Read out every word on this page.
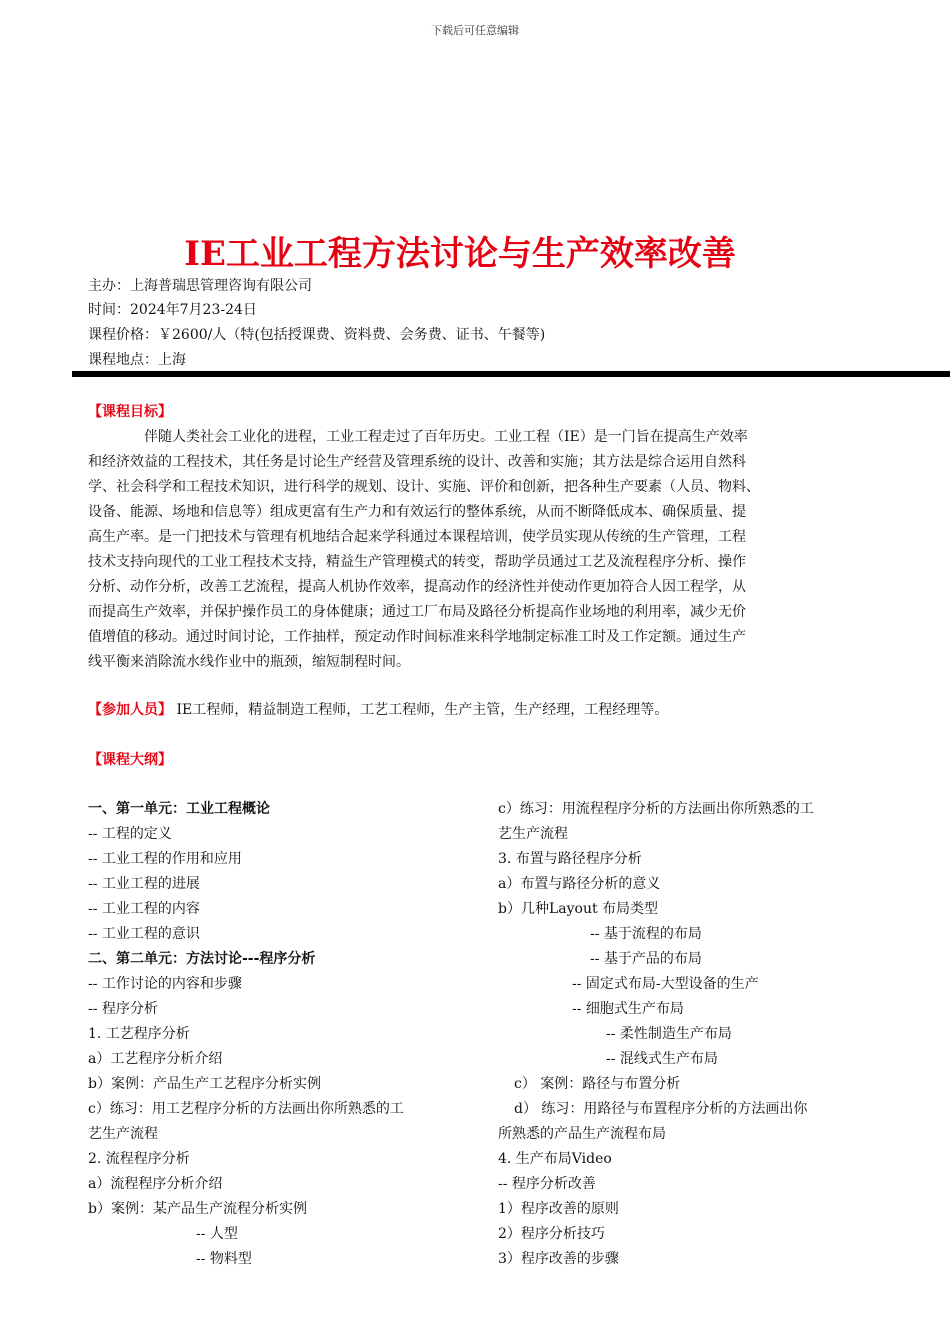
下载后可任意编辑
IE工业工程方法讨论与生产效率改善
主办：上海普瑞思管理咨询有限公司
时间：2024年7月23-24日
课程价格：￥2600/人（特(包括授课费、资料费、会务费、证书、午餐等)
课程地点：上海
【课程目标】
伴随人类社会工业化的进程，工业工程走过了百年历史。工业工程（IE）是一门旨在提高生产效率
和经济效益的工程技术，其任务是讨论生产经营及管理系统的设计、改善和实施；其方法是综合运用自然科
学、社会科学和工程技术知识，进行科学的规划、设计、实施、评价和创新，把各种生产要素（人员、物料、
设备、能源、场地和信息等）组成更富有生产力和有效运行的整体系统，从而不断降低成本、确保质量、提
高生产率。是一门把技术与管理有机地结合起来学科通过本课程培训，使学员实现从传统的生产管理，工程
技术支持向现代的工业工程技术支持，精益生产管理模式的转变，帮助学员通过工艺及流程程序分析、操作
分析、动作分析，改善工艺流程，提高人机协作效率，提高动作的经济性并使动作更加符合人因工程学，从
而提高生产效率，并保护操作员工的身体健康；通过工厂布局及路径分析提高作业场地的利用率，减少无价
值增值的移动。通过时间讨论，工作抽样，预定动作时间标准来科学地制定标准工时及工作定额。通过生产
线平衡来消除流水线作业中的瓶颈，缩短制程时间。
【参加人员】 IE工程师，精益制造工程师，工艺工程师，生产主管，生产经理，工程经理等。
【课程大纲】
一、第一单元：工业工程概论
-- 工程的定义
-- 工业工程的作用和应用
-- 工业工程的进展
-- 工业工程的内容
-- 工业工程的意识
二、第二单元：方法讨论---程序分析
-- 工作讨论的内容和步骤
-- 程序分析
1. 工艺程序分析
a）工艺程序分析介绍
b）案例：产品生产工艺程序分析实例
c）练习：用工艺程序分析的方法画出你所熟悉的工
艺生产流程
2. 流程程序分析
a）流程程序分析介绍
b）案例：某产品生产流程分析实例
-- 人型
-- 物料型
c）练习：用流程程序分析的方法画出你所熟悉的工
艺生产流程
3. 布置与路径程序分析
a）布置与路径分析的意义
b）几种Layout 布局类型
-- 基于流程的布局
-- 基于产品的布局
-- 固定式布局-大型设备的生产
-- 细胞式生产布局
-- 柔性制造生产布局
-- 混线式生产布局
c） 案例：路径与布置分析
d） 练习：用路径与布置程序分析的方法画出你
所熟悉的产品生产流程布局
4. 生产布局Video
-- 程序分析改善
1）程序改善的原则
2）程序分析技巧
3）程序改善的步骤
